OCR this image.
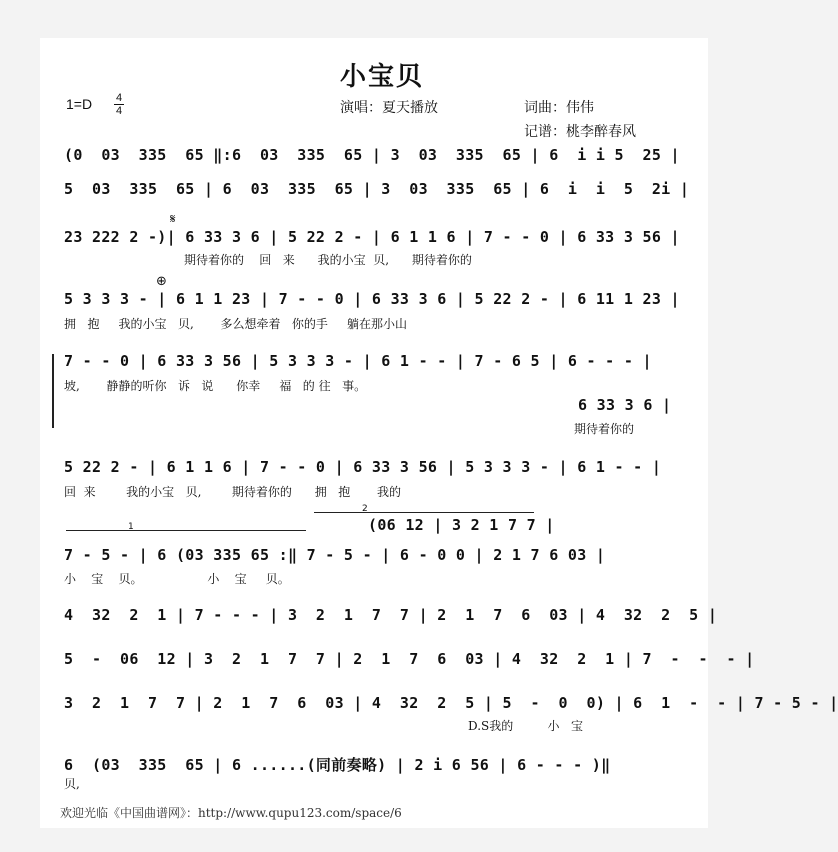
小宝贝
1=D 4
4	演唱：夏天播放	词曲：伟伟
记谱：桃李醉春风
(0  03  335  65 ‖:6  03  335  65 | 3  03  335  65 | 6  i i 5  25 |
5  03  335  65 | 6  03  335  65 | 3  03  335  65 | 6  i  i  5  2i |
23 222 2 -)| 6 33 3 6 | 5 22 2 - | 6 1 1 6 | 7 - - 0 | 6 33 3 56 |
期待着你的    回   来      我的小宝  贝,      期待着你的
𝄋
5 3 3 3 - | 6 1 1 23 | 7 - - 0 | 6 33 3 6 | 5 22 2 - | 6 11 1 23 |
拥   抱     我的小宝   贝,       多么想牵着   你的手     躺在那小山
⊕
7 - - 0 | 6 33 3 56 | 5 3 3 3 - | 6 1 - - | 7 - 6 5 | 6 - - - |
坡,       静静的听你   诉   说      你幸     福   的 往   事。
6 33 3 6 |
期待着你的
5 22 2 - | 6 1 1 6 | 7 - - 0 | 6 33 3 56 | 5 3 3 3 - | 6 1 - - |
回  来        我的小宝   贝,        期待着你的      拥   抱       我的
1
2
(06 12 | 3 2 1 7 7 |
7 - 5 - | 6 (03 335 65 :‖ 7 - 5 - | 6 - 0 0 | 2 1 7 6 03 |
小    宝    贝。                 小    宝     贝。
4  32  2  1 | 7 - - - | 3  2  1  7  7 | 2  1  7  6  03 | 4  32  2  5 |
5  -  06  12 | 3  2  1  7  7 | 2  1  7  6  03 | 4  32  2  1 | 7  -  -  - |
3  2  1  7  7 | 2  1  7  6  03 | 4  32  2  5 | 5  -  0  0) | 6  1  -  - | 7 - 5 - |
D.S我的         小   宝
6  (03  335  65 | 6 ......(同前奏略) | 2 i 6 56 | 6 - - - )‖
贝,
欢迎光临《中国曲谱网》：http://www.qupu123.com/space/6
